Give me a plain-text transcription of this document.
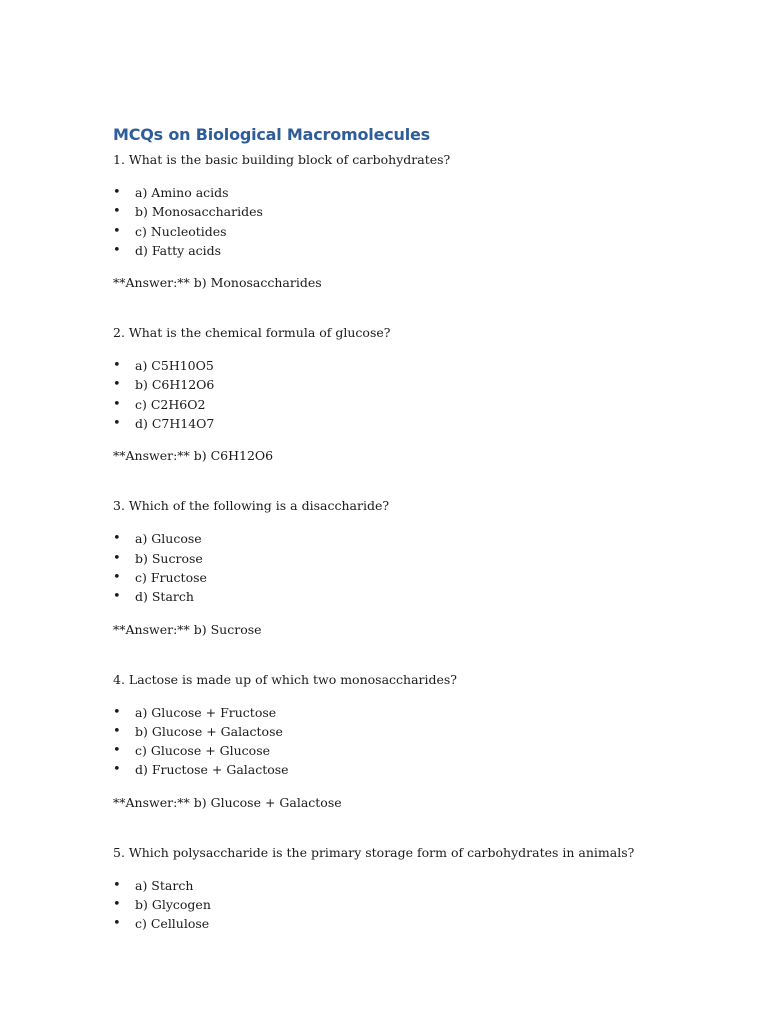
MCQs on Biological Macromolecules

1. What is the basic building block of carbohydrates?

• a) Amino acids
• b) Monosaccharides
• c) Nucleotides
• d) Fatty acids

**Answer:** b) Monosaccharides

2. What is the chemical formula of glucose?

• a) C5H10O5
• b) C6H12O6
• c) C2H6O2
• d) C7H14O7

**Answer:** b) C6H12O6

3. Which of the following is a disaccharide?

• a) Glucose
• b) Sucrose
• c) Fructose
• d) Starch

**Answer:** b) Sucrose

4. Lactose is made up of which two monosaccharides?

• a) Glucose + Fructose
• b) Glucose + Galactose
• c) Glucose + Glucose
• d) Fructose + Galactose

**Answer:** b) Glucose + Galactose

5. Which polysaccharide is the primary storage form of carbohydrates in animals?

• a) Starch
• b) Glycogen
• c) Cellulose
